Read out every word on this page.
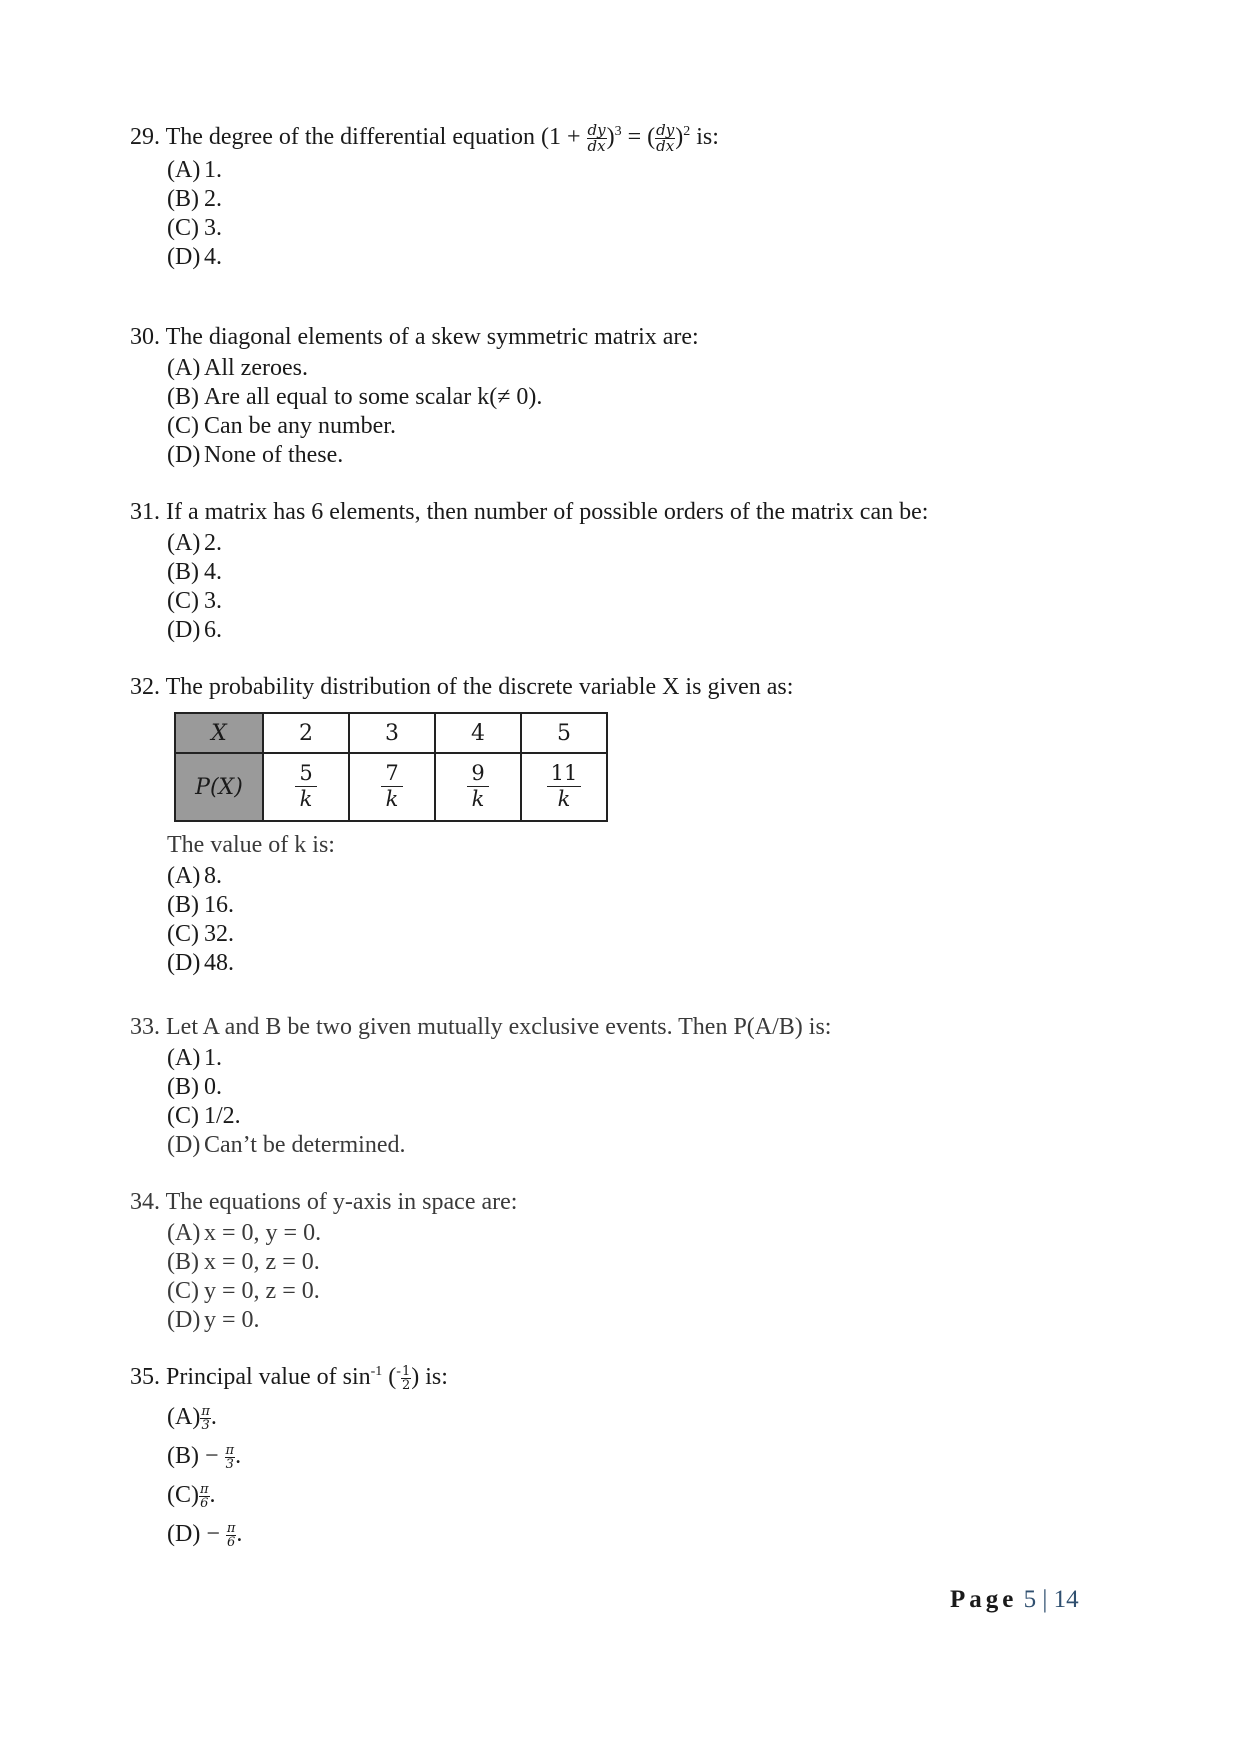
29. The degree of the differential equation $(1 + \frac{dy}{dx} )^3$ = ( $\frac{dy}{dx} )^2$ is:
(A) 1.
(B) 2.
(C) 3.
(D) 4.
30. The diagonal elements of a skew symmetric matrix are:
(A) All zeroes.
(B) Are all equal to some scalar k(≠ 0).
(C) Can be any number.
(D) None of these.
31. If a matrix has 6 elements, then number of possible orders of the matrix can be:
(A) 2.
(B) 4.
(C) 3.
(D) 6.
32. The probability distribution of the discrete variable X is given as:
X	2	3	4	5
P(X)	$\frac{5}{k}$	$\frac{7}{k}$	$\frac{9}{k}$	$\frac{11}{k}$
The value of k is:
(A) 8.
(B) 16.
(C) 32.
(D) 48.
33. Let A and B be two given mutually exclusive events. Then P(A/B) is:
(A) 1.
(B) 0.
(C) 1/2.
(D) Can’t be determined.
34. The equations of y-axis in space are:
(A) x = 0, y = 0.
(B) x = 0, z = 0.
(C) y = 0, z = 0.
(D) y = 0.
35. Principal value of $\sin^{-1} (^- \frac{1}{2}$ ) is:
$(A) \frac{\pi}{3}$ .
$(B) - \frac{\pi}{3}$ .
$(C) \frac{\pi}{6}$ .
$(D) - \frac{\pi}{6}$ .
Page 5 | 14
